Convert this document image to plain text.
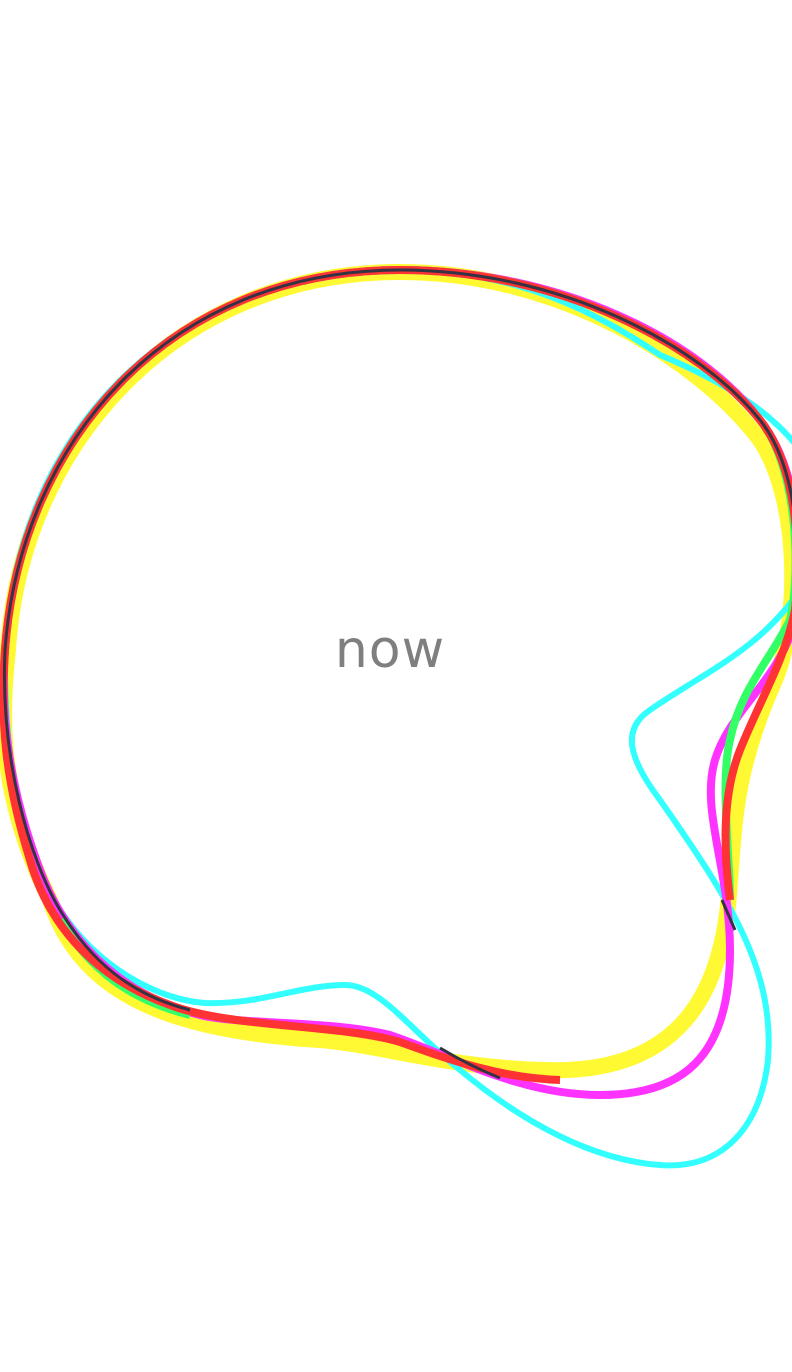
now
